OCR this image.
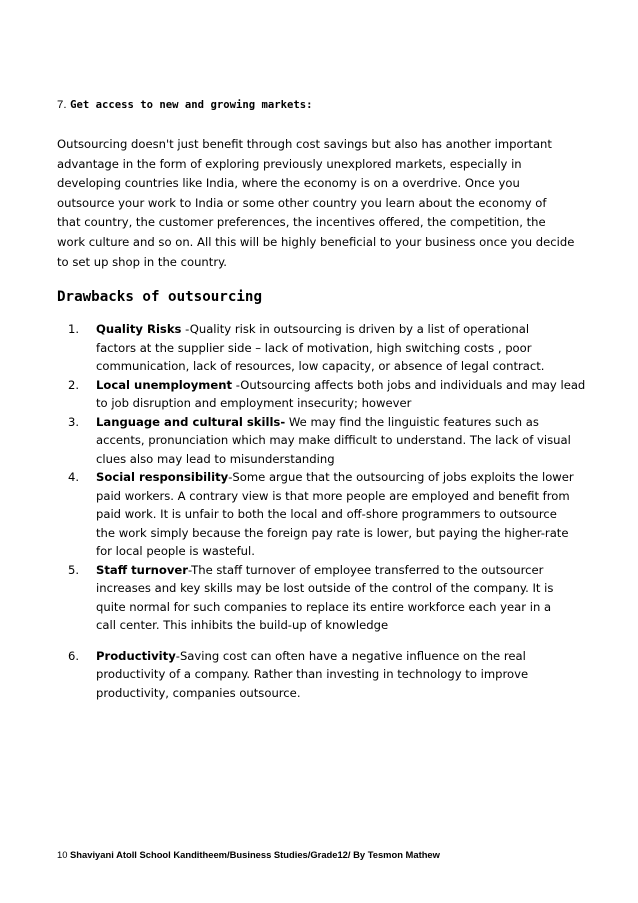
7. Get access to new and growing markets:
Outsourcing doesn't just benefit through cost savings but also has another important
advantage in the form of exploring previously unexplored markets, especially in
developing countries like India, where the economy is on a overdrive. Once you
outsource your work to India or some other country you learn about the economy of
that country, the customer preferences, the incentives offered, the competition, the
work culture and so on. All this will be highly beneficial to your business once you decide
to set up shop in the country.
Drawbacks of outsourcing
1. Quality Risks -Quality risk in outsourcing is driven by a list of operational
factors at the supplier side – lack of motivation, high switching costs , poor
communication, lack of resources, low capacity, or absence of legal contract.
2. Local unemployment -Outsourcing affects both jobs and individuals and may lead
to job disruption and employment insecurity; however
3. Language and cultural skills- We may find the linguistic features such as
accents, pronunciation which may make difficult to understand. The lack of visual
clues also may lead to misunderstanding
4. Social responsibility-Some argue that the outsourcing of jobs exploits the lower
paid workers. A contrary view is that more people are employed and benefit from
paid work. It is unfair to both the local and off-shore programmers to outsource
the work simply because the foreign pay rate is lower, but paying the higher-rate
for local people is wasteful.
5. Staff turnover-The staff turnover of employee transferred to the outsourcer
increases and key skills may be lost outside of the control of the company. It is
quite normal for such companies to replace its entire workforce each year in a
call center. This inhibits the build-up of knowledge
6. Productivity-Saving cost can often have a negative influence on the real
productivity of a company. Rather than investing in technology to improve
productivity, companies outsource.
10 Shaviyani Atoll School Kanditheem/Business Studies/Grade12/ By Tesmon Mathew
